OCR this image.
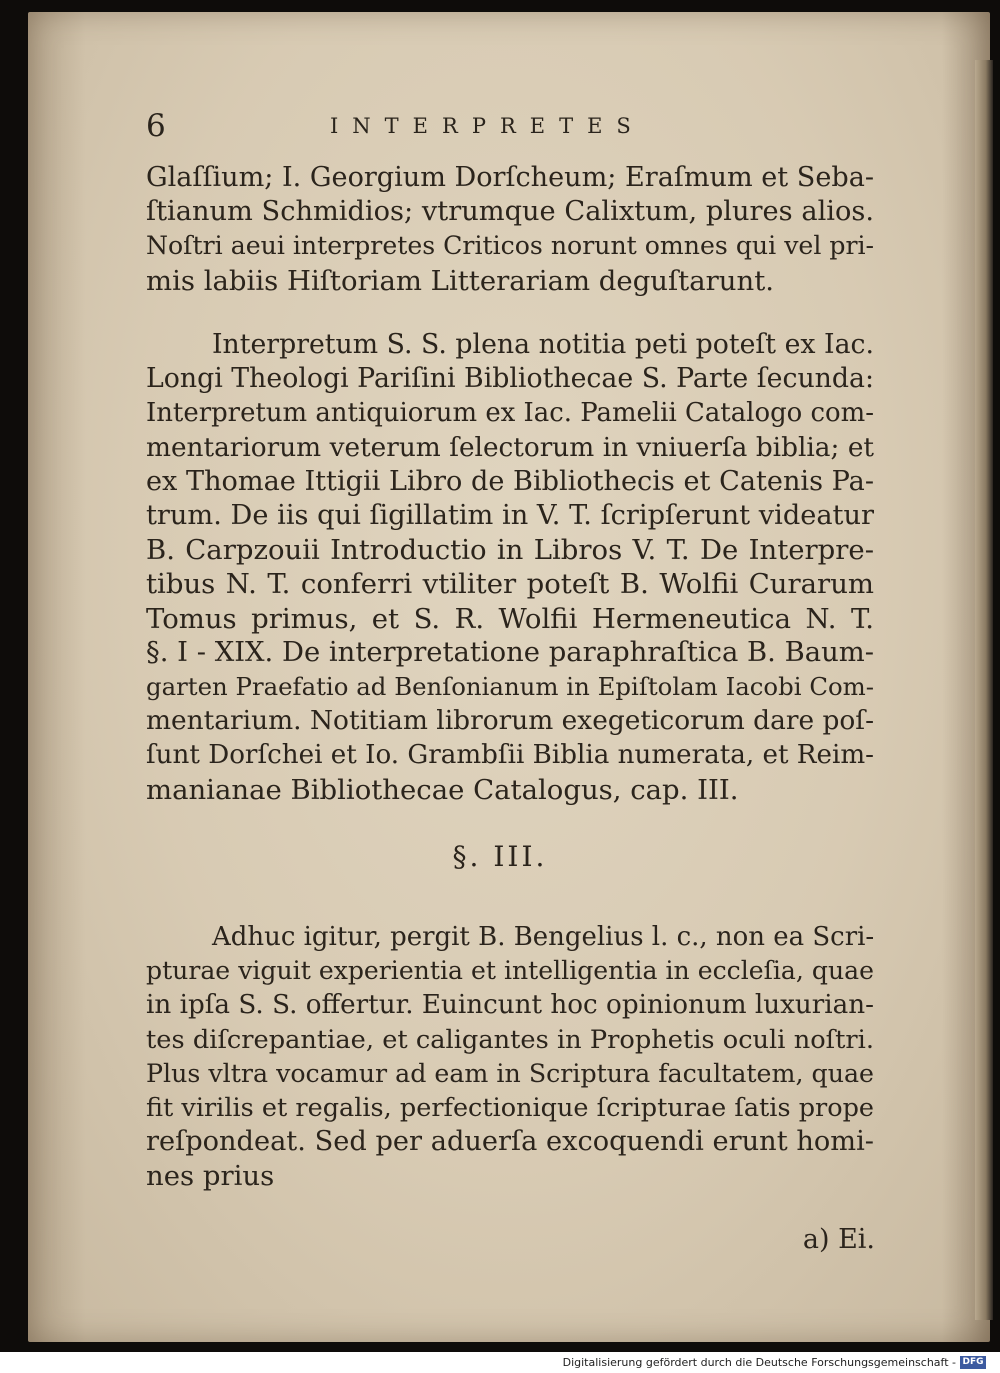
6	INTERPRETES
Glaſſium; I. Georgium Dorſcheum; Eraſmum et Seba-
ſtianum Schmidios; vtrumque Calixtum, plures alios.
Noſtri aeui interpretes Criticos norunt omnes qui vel pri-
mis labiis Hiſtoriam Litterariam deguſtarunt.
Interpretum S. S. plena notitia peti poteſt ex Iac.
Longi Theologi Pariſini Bibliothecae S. Parte ſecunda:
Interpretum antiquiorum ex Iac. Pamelii Catalogo com-
mentariorum veterum ſelectorum in vniuerſa biblia; et
ex Thomae Ittigii Libro de Bibliothecis et Catenis Pa-
trum. De iis qui ſigillatim in V. T. ſcripſerunt videatur
B. Carpzouii Introductio in Libros V. T. De Interpre-
tibus N. T. conferri vtiliter poteſt B. Wolfii Curarum
Tomus primus, et S. R. Wolfii Hermeneutica N. T.
§. I - XIX. De interpretatione paraphraſtica B. Baum-
garten Praefatio ad Benſonianum in Epiſtolam Iacobi Com-
mentarium. Notitiam librorum exegeticorum dare poſ-
ſunt Dorſchei et Io. Grambſii Biblia numerata, et Reim-
manianae Bibliothecae Catalogus, cap. III.
§. III.
Adhuc igitur, pergit B. Bengelius l. c., non ea Scri-
pturae viguit experientia et intelligentia in eccleſia, quae
in ipſa S. S. offertur. Euincunt hoc opinionum luxurian-
tes diſcrepantiae, et caligantes in Prophetis oculi noſtri.
Plus vltra vocamur ad eam in Scriptura facultatem, quae
fit virilis et regalis, perfectionique ſcripturae ſatis prope
reſpondeat. Sed per aduerſa excoquendi erunt homi-
nes prius
a) Ei.
Digitalisierung gefördert durch die Deutsche Forschungsgemeinschaft - DFG
